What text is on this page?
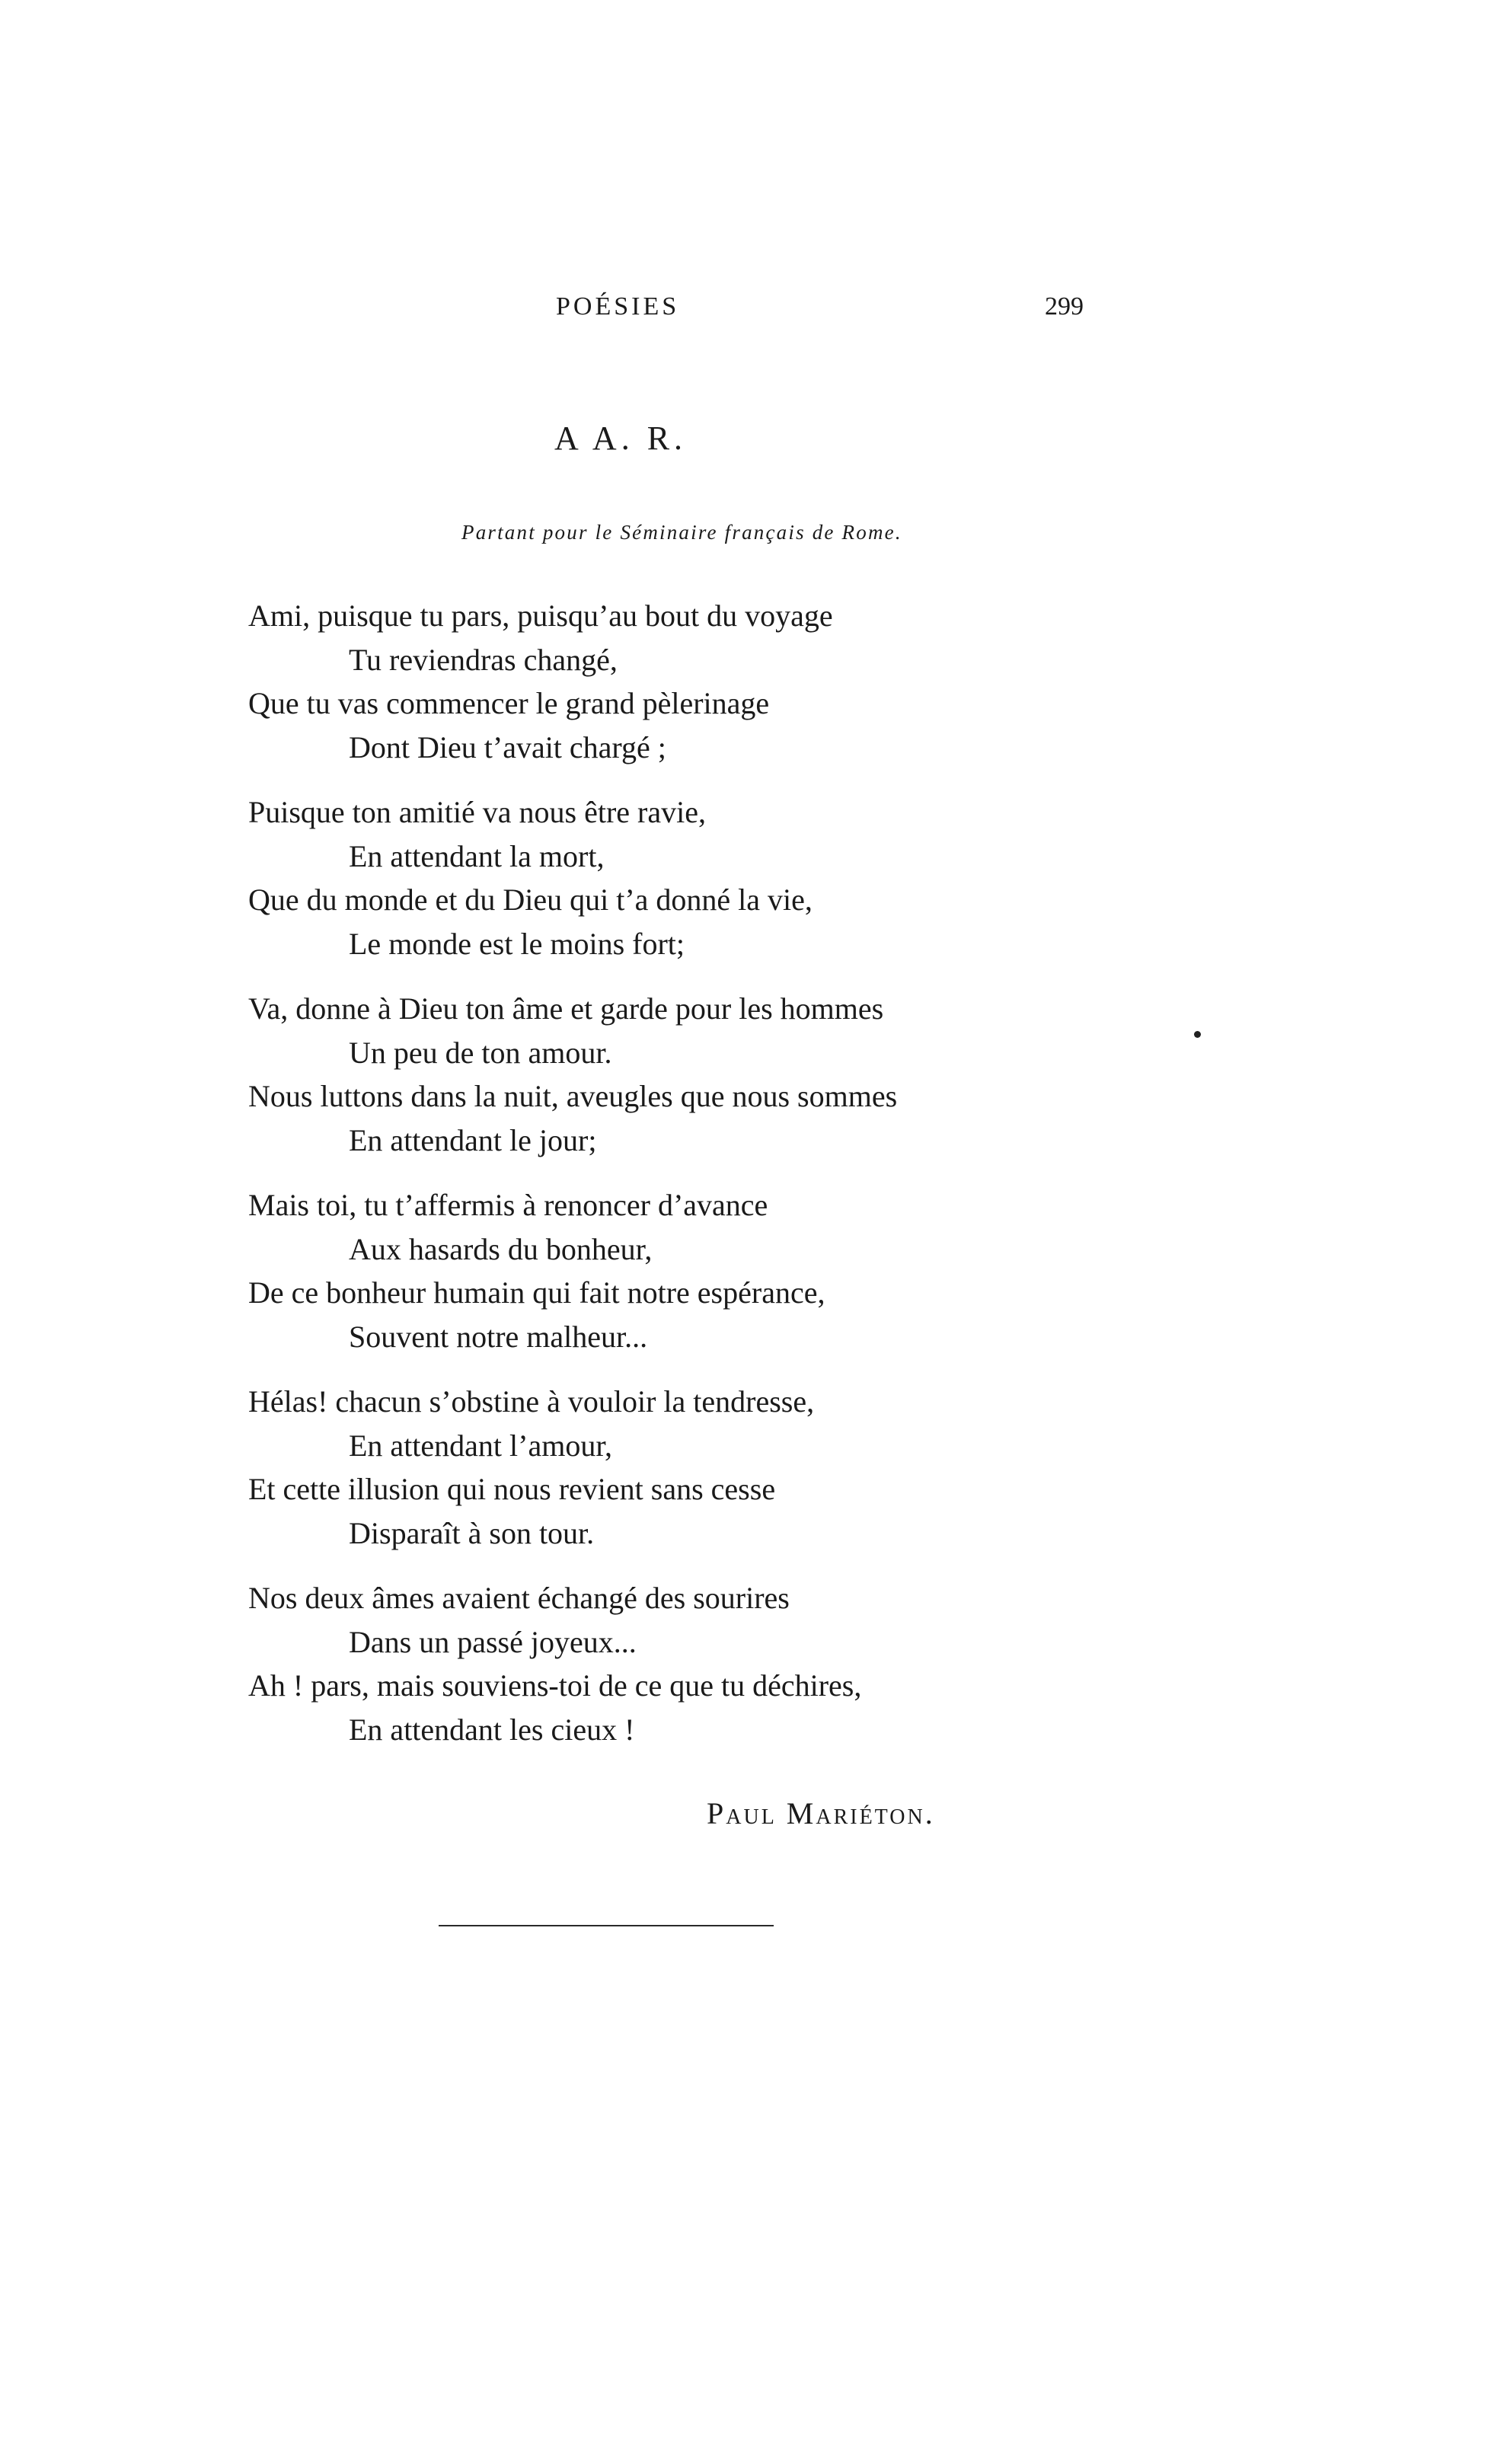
POÉSIES	299
A A. R.
Partant pour le Séminaire français de Rome.
Ami, puisque tu pars, puisqu’au bout du voyage
Tu reviendras changé,
Que tu vas commencer le grand pèlerinage
Dont Dieu t’avait chargé ;
Puisque ton amitié va nous être ravie,
En attendant la mort,
Que du monde et du Dieu qui t’a donné la vie,
Le monde est le moins fort;
Va, donne à Dieu ton âme et garde pour les hommes
Un peu de ton amour.
Nous luttons dans la nuit, aveugles que nous sommes
En attendant le jour;
Mais toi, tu t’affermis à renoncer d’avance
Aux hasards du bonheur,
De ce bonheur humain qui fait notre espérance,
Souvent notre malheur...
Hélas! chacun s’obstine à vouloir la tendresse,
En attendant l’amour,
Et cette illusion qui nous revient sans cesse
Disparaît à son tour.
Nos deux âmes avaient échangé des sourires
Dans un passé joyeux...
Ah ! pars, mais souviens-toi de ce que tu déchires,
En attendant les cieux !
Paul Mariéton.
